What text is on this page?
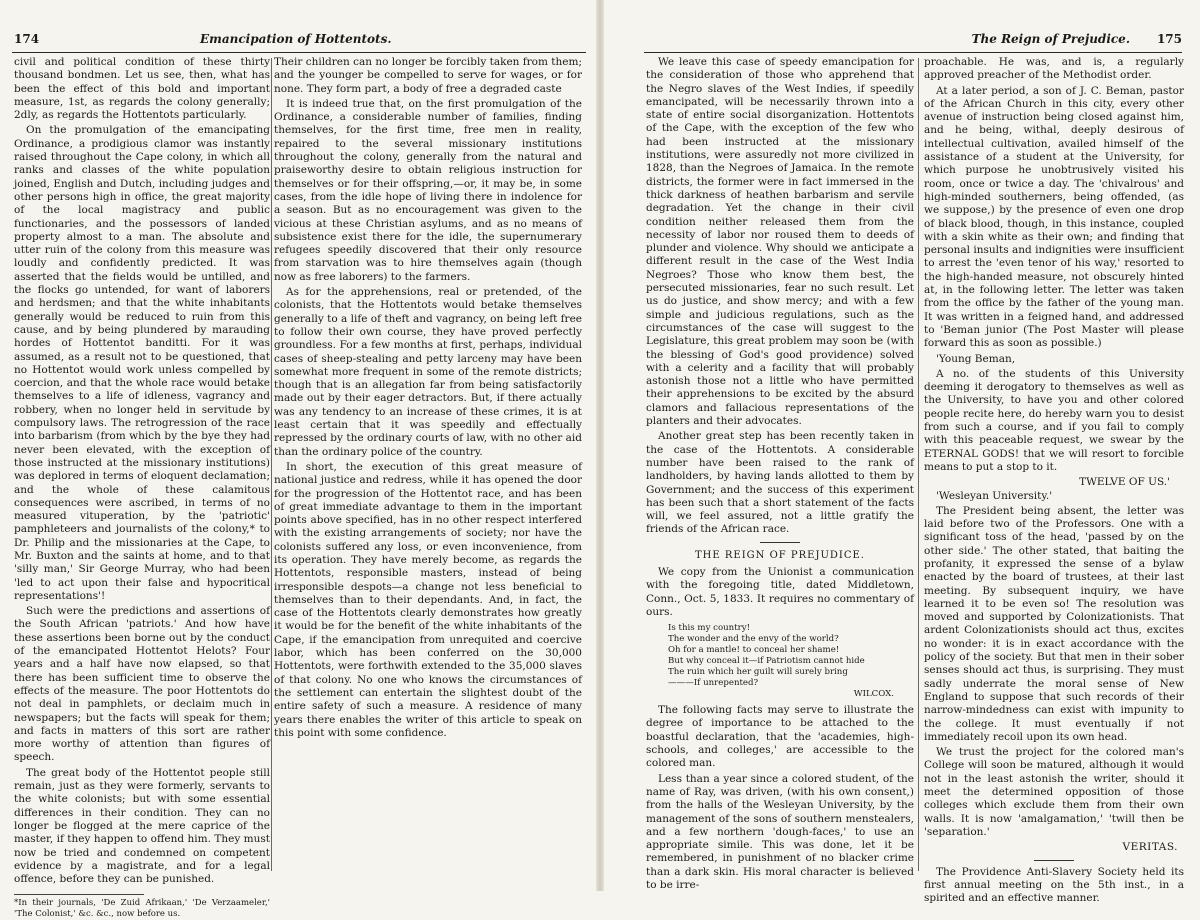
174	Emancipation of Hottentots.

civil and political condition of these thirty thousand bondmen. Let us see, then, what has been the effect of this bold and important measure, 1st, as regards the colony generally; 2dly, as regards the Hottentots particularly.

On the promulgation of the emancipating Ordinance, a prodigious clamor was instantly raised throughout the Cape colony, in which all ranks and classes of the white population joined, English and Dutch, including judges and other persons high in office, the great majority of the local magistracy and public functionaries, and the possessors of landed property almost to a man. The absolute and utter ruin of the colony from this measure was loudly and confidently predicted. It was asserted that the fields would be untilled, and the flocks go untended, for want of laborers and herdsmen; and that the white inhabitants generally would be reduced to ruin from this cause, and by being plundered by marauding hordes of Hottentot banditti. For it was assumed, as a result not to be questioned, that no Hottentot would work unless compelled by coercion, and that the whole race would betake themselves to a life of idleness, vagrancy and robbery, when no longer held in servitude by compulsory laws. The retrogression of the race into barbarism (from which by the bye they had never been elevated, with the exception of those instructed at the missionary institutions) was deplored in terms of eloquent declamation; and the whole of these calamitous consequences were ascribed, in terms of no measured vituperation, by the 'patriotic' pamphleteers and journalists of the colony,* to Dr. Philip and the missionaries at the Cape, to Mr. Buxton and the saints at home, and to that 'silly man,' Sir George Murray, who had been 'led to act upon their false and hypocritical representations'!

Such were the predictions and assertions of the South African 'patriots.' And how have these assertions been borne out by the conduct of the emancipated Hottentot Helots? Four years and a half have now elapsed, so that there has been sufficient time to observe the effects of the measure. The poor Hottentots do not deal in pamphlets, or declaim much in newspapers; but the facts will speak for them; and facts in matters of this sort are rather more worthy of attention than figures of speech.

The great body of the Hottentot people still remain, just as they were formerly, servants to the white colonists; but with some essential differences in their condition. They can no longer be flogged at the mere caprice of the master, if they happen to offend him. They must now be tried and condemned on competent evidence by a magistrate, and for a legal offence, before they can be punished.

*In their journals, 'De Zuid Afrikaan,' 'De Verzaameler,' 'The Colonist,' &c. &c., now before us.

Their children can no longer be forcibly taken from them; and the younger be compelled to serve for wages, or for none. They form part, a body of free a degraded caste

It is indeed true that, on the first promulgation of the Ordinance, a considerable number of families, finding themselves, for the first time, free men in reality, repaired to the several missionary institutions throughout the colony, generally from the natural and praiseworthy desire to obtain religious instruction for themselves or for their offspring,—or, it may be, in some cases, from the idle hope of living there in indolence for a season. But as no encouragement was given to the vicious at these Christian asylums, and as no means of subsistence exist there for the idle, the supernumerary refugees speedily discovered that their only resource from starvation was to hire themselves again (though now as free laborers) to the farmers.

As for the apprehensions, real or pretended, of the colonists, that the Hottentots would betake themselves generally to a life of theft and vagrancy, on being left free to follow their own course, they have proved perfectly groundless. For a few months at first, perhaps, individual cases of sheep-stealing and petty larceny may have been somewhat more frequent in some of the remote districts; though that is an allegation far from being satisfactorily made out by their eager detractors. But, if there actually was any tendency to an increase of these crimes, it is at least certain that it was speedily and effectually repressed by the ordinary courts of law, with no other aid than the ordinary police of the country.

In short, the execution of this great measure of national justice and redress, while it has opened the door for the progression of the Hottentot race, and has been of great immediate advantage to them in the important points above specified, has in no other respect interfered with the existing arrangements of society; nor have the colonists suffered any loss, or even inconvenience, from its operation. They have merely become, as regards the Hottentots, responsible masters, instead of being irresponsible despots—a change not less beneficial to themselves than to their dependants. And, in fact, the case of the Hottentots clearly demonstrates how greatly it would be for the benefit of the white inhabitants of the Cape, if the emancipation from unrequited and coercive labor, which has been conferred on the 30,000 Hottentots, were forthwith extended to the 35,000 slaves of that colony. No one who knows the circumstances of the settlement can entertain the slightest doubt of the entire safety of such a measure. A residence of many years there enables the writer of this article to speak on this point with some confidence.

The Reign of Prejudice. 175

We leave this case of speedy emancipation for the consideration of those who apprehend that the Negro slaves of the West Indies, if speedily emancipated, will be necessarily thrown into a state of entire social disorganization. Hottentots of the Cape, with the exception of the few who had been instructed at the missionary institutions, were assuredly not more civilized in 1828, than the Negroes of Jamaica. In the remote districts, the former were in fact immersed in the thick darkness of heathen barbarism and servile degradation. Yet the change in their civil condition neither released them from the necessity of labor nor roused them to deeds of plunder and violence. Why should we anticipate a different result in the case of the West India Negroes? Those who know them best, the persecuted missionaries, fear no such result. Let us do justice, and show mercy; and with a few simple and judicious regulations, such as the circumstances of the case will suggest to the Legislature, this great problem may soon be (with the blessing of God's good providence) solved with a celerity and a facility that will probably astonish those not a little who have permitted their apprehensions to be excited by the absurd clamors and fallacious representations of the planters and their advocates.

Another great step has been recently taken in the case of the Hottentots. A considerable number have been raised to the rank of landholders, by having lands allotted to them by Government; and the success of this experiment has been such that a short statement of the facts will, we feel assured, not a little gratify the friends of the African race.

THE REIGN OF PREJUDICE.

We copy from the Unionist a communication with the foregoing title, dated Middletown, Conn., Oct. 5, 1833. It requires no commentary of ours.

Is this my country!
The wonder and the envy of the world?
Oh for a mantle! to conceal her shame!
But why conceal it—if Patriotism cannot hide
The ruin which her guilt will surely bring
———If unrepented?
WILCOX.

The following facts may serve to illustrate the degree of importance to be attached to the boastful declaration, that the 'academies, high-schools, and colleges,' are accessible to the colored man.

Less than a year since a colored student, of the name of Ray, was driven, (with his own consent,) from the halls of the Wesleyan University, by the management of the sons of southern menstealers, and a few northern 'dough-faces,' to use an appropriate simile. This was done, let it be remembered, in punishment of no blacker crime than a dark skin. His moral character is believed to be irre-

proachable. He was, and is, a regularly approved preacher of the Methodist order.

At a later period, a son of J. C. Beman, pastor of the African Church in this city, every other avenue of instruction being closed against him, and he being, withal, deeply desirous of intellectual cultivation, availed himself of the assistance of a student at the University, for which purpose he unobtrusively visited his room, once or twice a day. The 'chivalrous' and high-minded southerners, being offended, (as we suppose,) by the presence of even one drop of black blood, though, in this instance, coupled with a skin white as their own; and finding that personal insults and indignities were insufficient to arrest the 'even tenor of his way,' resorted to the high-handed measure, not obscurely hinted at, in the following letter. The letter was taken from the office by the father of the young man. It was written in a feigned hand, and addressed to 'Beman junior (The Post Master will please forward this as soon as possible.)

'Young Beman,

A no. of the students of this University deeming it derogatory to themselves as well as the University, to have you and other colored people recite here, do hereby warn you to desist from such a course, and if you fail to comply with this peaceable request, we swear by the ETERNAL GODS! that we will resort to forcible means to put a stop to it.

TWELVE OF US.'

'Wesleyan University.'

The President being absent, the letter was laid before two of the Professors. One with a significant toss of the head, 'passed by on the other side.' The other stated, that baiting the profanity, it expressed the sense of a bylaw enacted by the board of trustees, at their last meeting. By subsequent inquiry, we have learned it to be even so! The resolution was moved and supported by Colonizationists. That ardent Colonizationists should act thus, excites no wonder: it is in exact accordance with the policy of the society. But that men in their sober senses should act thus, is surprising. They must sadly underrate the moral sense of New England to suppose that such records of their narrow-mindedness can exist with impunity to the college. It must eventually if not immediately recoil upon its own head.

We trust the project for the colored man's College will soon be matured, although it would not in the least astonish the writer, should it meet the determined opposition of those colleges which exclude them from their own walls. It is now 'amalgamation,' 'twill then be 'separation.'

VERITAS.

The Providence Anti-Slavery Society held its first annual meeting on the 5th inst., in a spirited and an effective manner.
